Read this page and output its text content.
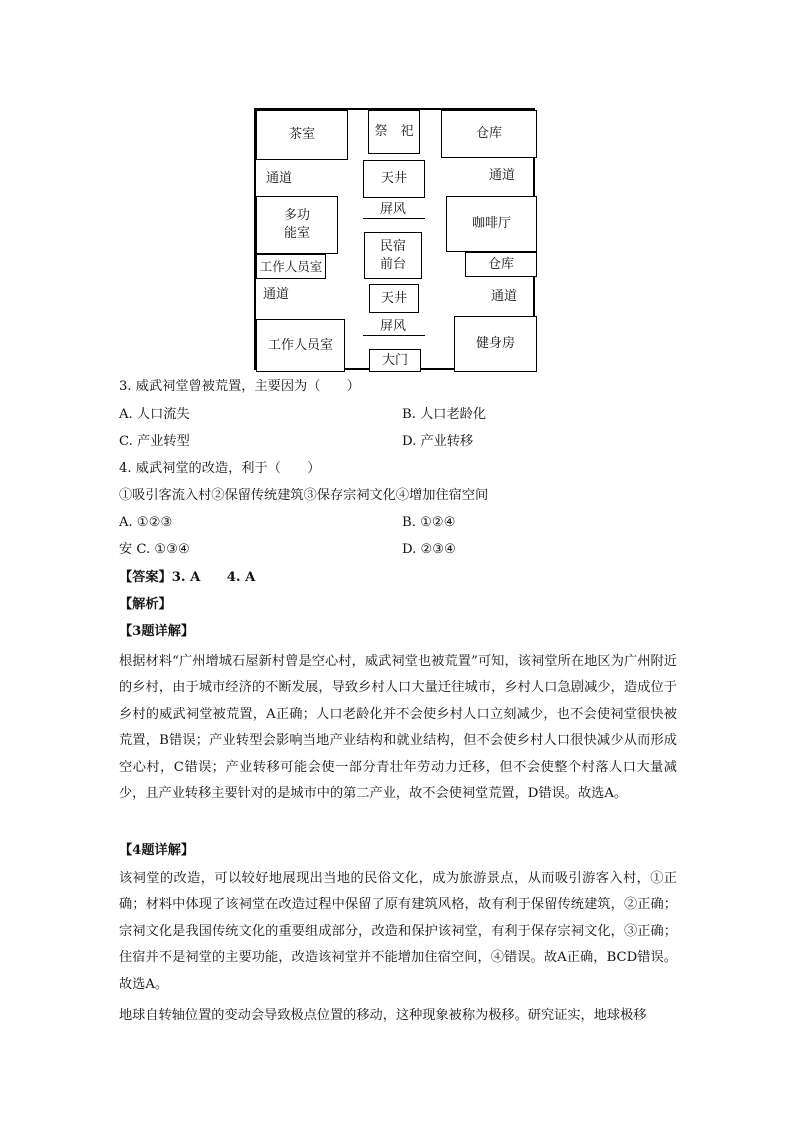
茶室	祭　祀	仓库
通道	天井	通道
多功
能室
屏风
咖啡厅
民宿
前台
工作人员室	仓库
通道	天井	通道
屏风
工作人员室	健身房
大门
3. 威武祠堂曾被荒置，主要因为（　　）
A. 人口流失	B. 人口老龄化
C. 产业转型	D. 产业转移
4. 威武祠堂的改造，利于（　　）
①吸引客流入村②保留传统建筑③保存宗祠文化④增加住宿空间
A. ①②③	B. ①②④
安 C. ①③④	D. ②③④
【答案】3. A　　4. A
【解析】
【3题详解】

根据材料“广州增城石屋新村曾是空心村，威武祠堂也被荒置”可知，该祠堂所在地区为广州附近的乡村，由于城市经济的不断发展，导致乡村人口大量迁往城市，乡村人口急剧减少，造成位于乡村的威武祠堂被荒置，A正确；人口老龄化并不会使乡村人口立刻减少，也不会使祠堂很快被荒置，B错误；产业转型会影响当地产业结构和就业结构，但不会使乡村人口很快减少从而形成空心村，C错误；产业转移可能会使一部分青壮年劳动力迁移，但不会使整个村落人口大量减少，且产业转移主要针对的是城市中的第二产业，故不会使祠堂荒置，D错误。故选A。

【4题详解】

该祠堂的改造，可以较好地展现出当地的民俗文化，成为旅游景点，从而吸引游客入村，①正确；材料中体现了该祠堂在改造过程中保留了原有建筑风格，故有利于保留传统建筑，②正确；宗祠文化是我国传统文化的重要组成部分，改造和保护该祠堂，有利于保存宗祠文化，③正确；住宿并不是祠堂的主要功能，改造该祠堂并不能增加住宿空间，④错误。故A正确，BCD错误。故选A。

地球自转轴位置的变动会导致极点位置的移动，这种现象被称为极移。研究证实，地球极移
